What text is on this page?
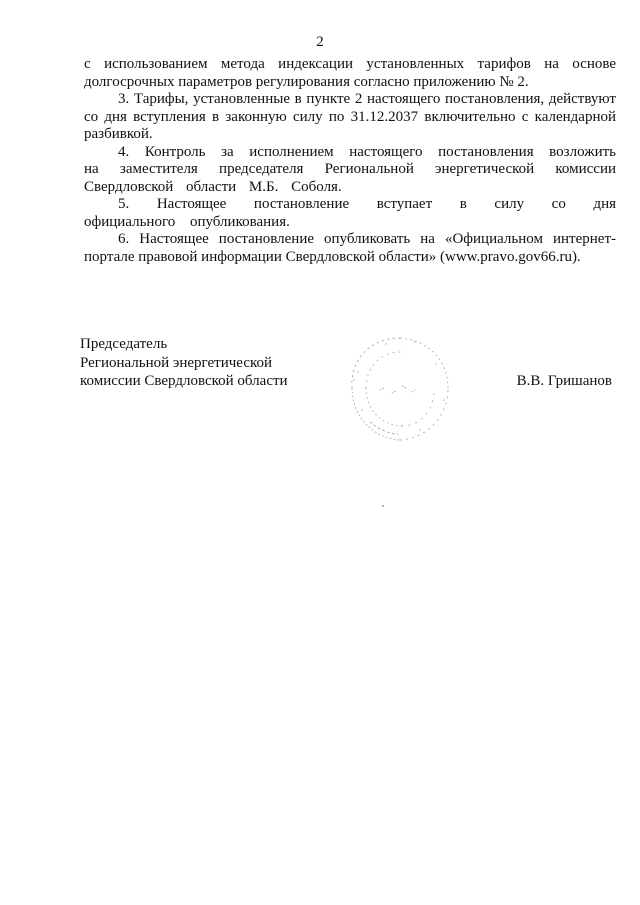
2

с использованием метода индексации установленных тарифов на основе долгосрочных параметров регулирования согласно приложению № 2.

3. Тарифы, установленные в пункте 2 настоящего постановления, действуют со дня вступления в законную силу по 31.12.2037 включительно с календарной разбивкой.

4. Контроль за исполнением настоящего постановления возложить на заместителя председателя Региональной энергетической комиссии Свердловской области М.Б. Соболя.

5. Настоящее постановление вступает в силу со дня официального опубликования.

6. Настоящее постановление опубликовать на «Официальном интернет-портале правовой информации Свердловской области» (www.pravo.gov66.ru).

Председатель
Региональной энергетической
комиссии Свердловской области	В.В. Гришанов
